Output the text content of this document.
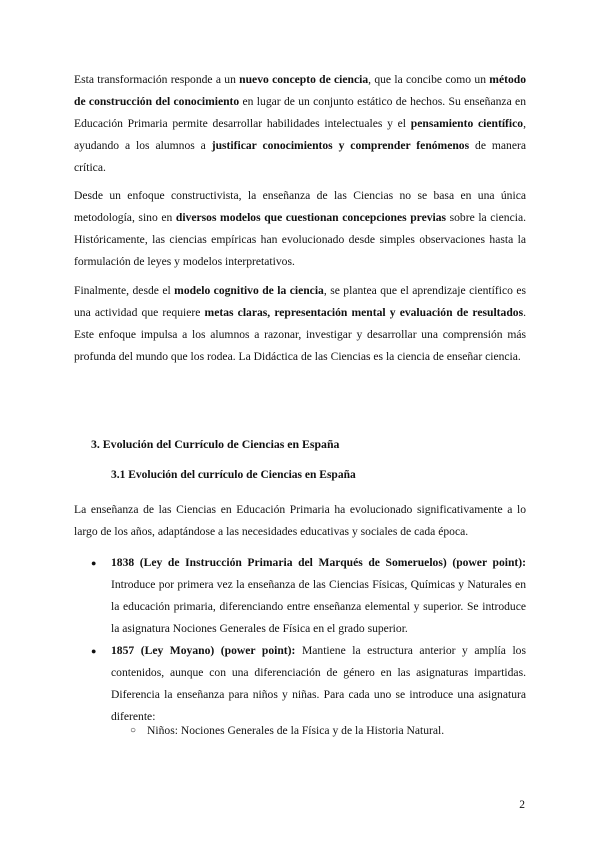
Esta transformación responde a un nuevo concepto de ciencia, que la concibe como un método de construcción del conocimiento en lugar de un conjunto estático de hechos. Su enseñanza en Educación Primaria permite desarrollar habilidades intelectuales y el pensamiento científico, ayudando a los alumnos a justificar conocimientos y comprender fenómenos de manera crítica.

Desde un enfoque constructivista, la enseñanza de las Ciencias no se basa en una única metodología, sino en diversos modelos que cuestionan concepciones previas sobre la ciencia. Históricamente, las ciencias empíricas han evolucionado desde simples observaciones hasta la formulación de leyes y modelos interpretativos.

Finalmente, desde el modelo cognitivo de la ciencia, se plantea que el aprendizaje científico es una actividad que requiere metas claras, representación mental y evaluación de resultados. Este enfoque impulsa a los alumnos a razonar, investigar y desarrollar una comprensión más profunda del mundo que los rodea. La Didáctica de las Ciencias es la ciencia de enseñar ciencia.

3. Evolución del Currículo de Ciencias en España
3.1 Evolución del currículo de Ciencias en España

La enseñanza de las Ciencias en Educación Primaria ha evolucionado significativamente a lo largo de los años, adaptándose a las necesidades educativas y sociales de cada época.

● 1838 (Ley de Instrucción Primaria del Marqués de Someruelos) (power point): Introduce por primera vez la enseñanza de las Ciencias Físicas, Químicas y Naturales en la educación primaria, diferenciando entre enseñanza elemental y superior. Se introduce la asignatura Nociones Generales de Física en el grado superior.
● 1857 (Ley Moyano) (power point): Mantiene la estructura anterior y amplía los contenidos, aunque con una diferenciación de género en las asignaturas impartidas. Diferencia la enseñanza para niños y niñas. Para cada uno se introduce una asignatura diferente:
○ Niños: Nociones Generales de la Física y de la Historia Natural.
2
